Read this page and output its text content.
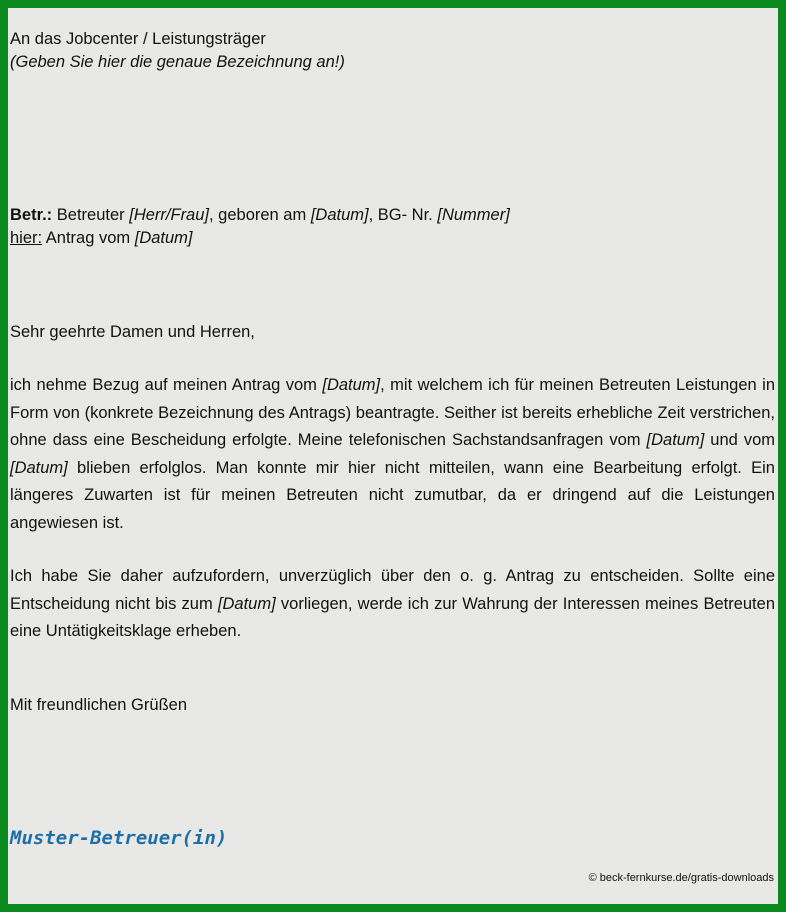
An das Jobcenter / Leistungsträger

(Geben Sie hier die genaue Bezeichnung an!)

Betr.: Betreuter [Herr/Frau], geboren am [Datum], BG- Nr. [Nummer]

hier: Antrag vom [Datum]

Sehr geehrte Damen und Herren,

ich nehme Bezug auf meinen Antrag vom [Datum], mit welchem ich für meinen Betreuten Leistungen in Form von (konkrete Bezeichnung des Antrags) beantragte. Seither ist bereits erhebliche Zeit verstrichen, ohne dass eine Bescheidung erfolgte. Meine telefonischen Sachstandsanfragen vom [Datum] und vom [Datum] blieben erfolglos. Man konnte mir hier nicht mitteilen, wann eine Bearbeitung erfolgt. Ein längeres Zuwarten ist für meinen Betreuten nicht zumutbar, da er dringend auf die Leistungen angewiesen ist.

Ich habe Sie daher aufzufordern, unverzüglich über den o. g. Antrag zu entscheiden. Sollte eine Entscheidung nicht bis zum [Datum] vorliegen, werde ich zur Wahrung der Interessen meines Betreuten eine Untätigkeitsklage erheben.

Mit freundlichen Grüßen

Muster-Betreuer(in)
© beck-fernkurse.de/gratis-downloads
